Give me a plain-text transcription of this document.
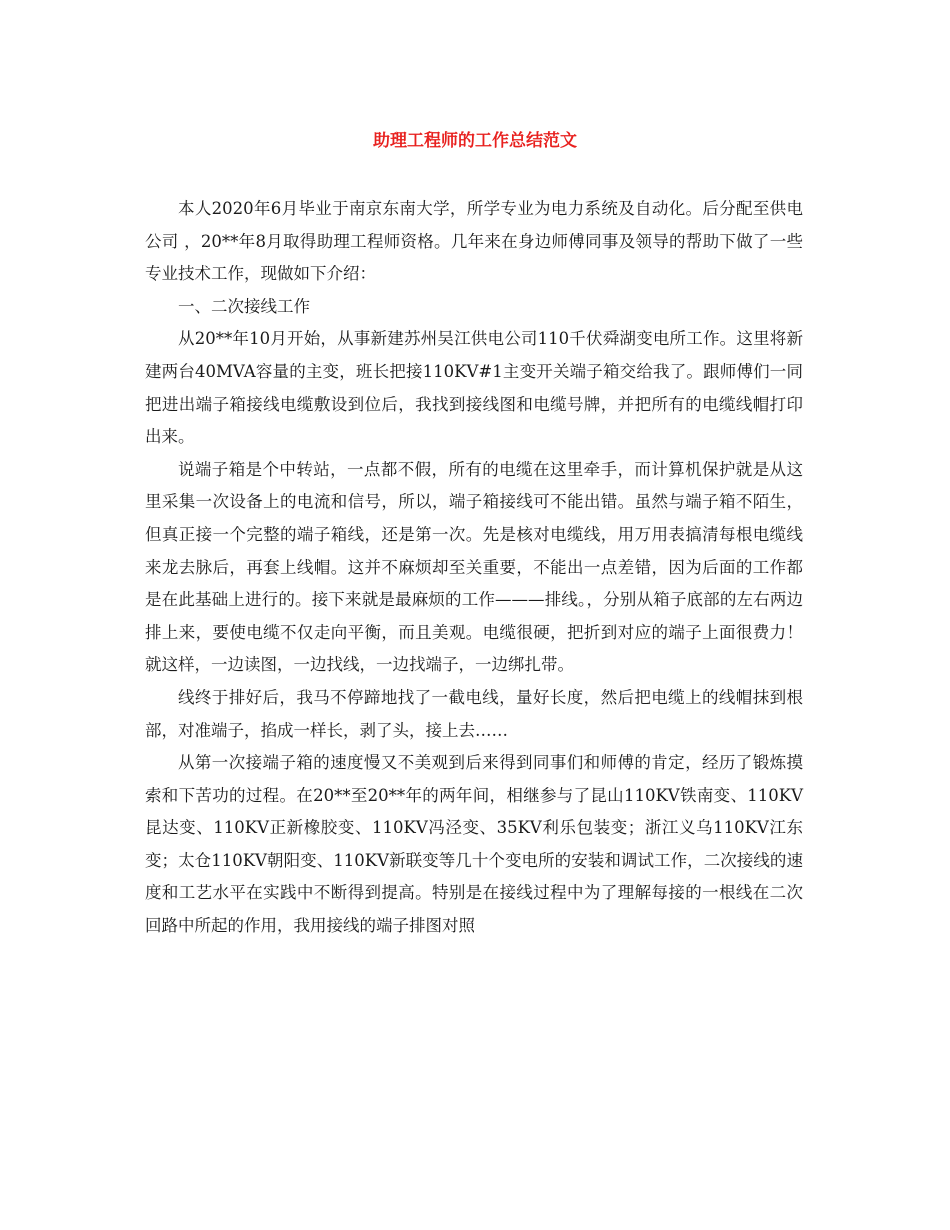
助理工程师的工作总结范文

本人2020年6月毕业于南京东南大学，所学专业为电力系统及自动化。后分配至供电公司 ，20**年8月取得助理工程师资格。几年来在身边师傅同事及领导的帮助下做了一些专业技术工作，现做如下介绍：

一、二次接线工作

从20**年10月开始，从事新建苏州吴江供电公司110千伏舜湖变电所工作。这里将新建两台40MVA容量的主变，班长把接110KV#1主变开关端子箱交给我了。跟师傅们一同把进出端子箱接线电缆敷设到位后，我找到接线图和电缆号牌，并把所有的电缆线帽打印出来。

说端子箱是个中转站，一点都不假，所有的电缆在这里牵手，而计算机保护就是从这里采集一次设备上的电流和信号，所以，端子箱接线可不能出错。虽然与端子箱不陌生，但真正接一个完整的端子箱线，还是第一次。先是核对电缆线，用万用表搞清每根电缆线来龙去脉后，再套上线帽。这并不麻烦却至关重要，不能出一点差错，因为后面的工作都是在此基础上进行的。接下来就是最麻烦的工作———排线。，分别从箱子底部的左右两边排上来，要使电缆不仅走向平衡，而且美观。电缆很硬，把折到对应的端子上面很费力！就这样，一边读图，一边找线，一边找端子，一边绑扎带。

线终于排好后，我马不停蹄地找了一截电线，量好长度，然后把电缆上的线帽抹到根部，对准端子，掐成一样长，剥了头，接上去……

从第一次接端子箱的速度慢又不美观到后来得到同事们和师傅的肯定，经历了锻炼摸索和下苦功的过程。在20**至20**年的两年间，相继参与了昆山110KV铁南变、110KV昆达变、110KV正新橡胶变、110KV冯泾变、35KV利乐包装变；浙江义乌110KV江东变；太仓110KV朝阳变、110KV新联变等几十个变电所的安装和调试工作，二次接线的速度和工艺水平在实践中不断得到提高。特别是在接线过程中为了理解每接的一根线在二次回路中所起的作用，我用接线的端子排图对照
